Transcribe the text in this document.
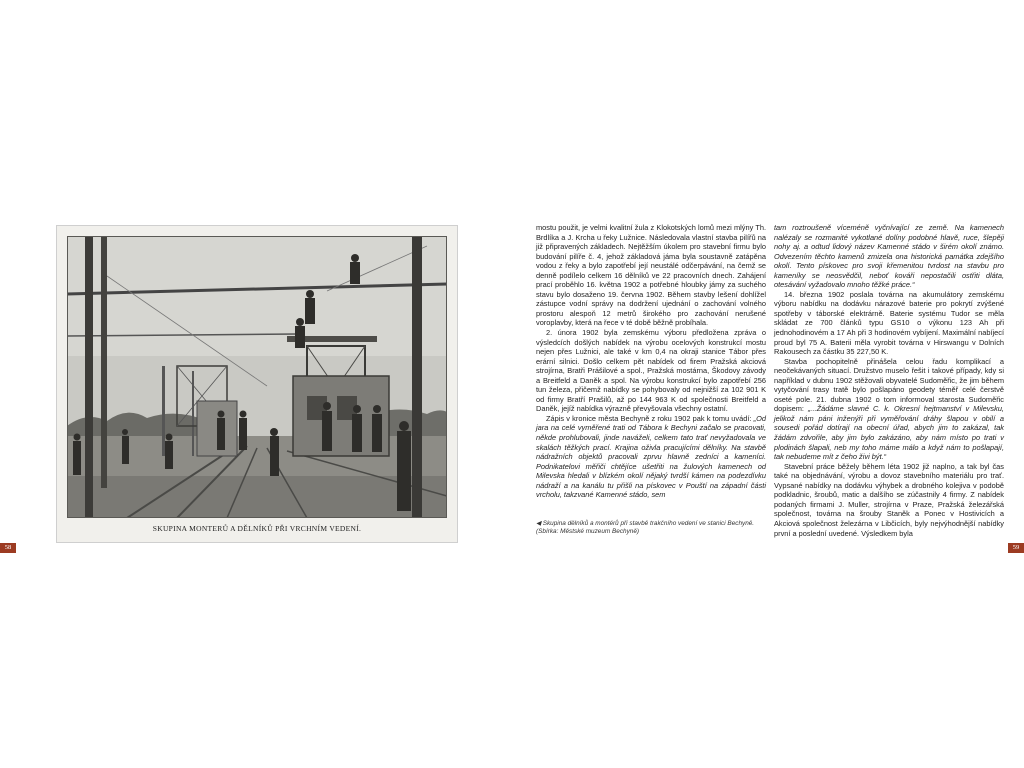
SKUPINA MONTERŮ A DĚLNÍKŮ PŘI VRCHNÍM VEDENÍ.
58	59

mostu použit, je velmi kvalitní žula z Klokotských lomů mezi mlýny Th. Brdlíka a J. Krcha u řeky Lužnice. Následovala vlastní stavba pilířů na již připravených základech. Nejtěžším úkolem pro stavební firmu bylo budování pilíře č. 4, jehož základová jáma byla soustavně zatápěna vodou z řeky a bylo zapotřebí její neustálé odčerpávání, na čemž se denně podílelo celkem 16 dělníků ve 22 pracovních dnech. Zahájení prací proběhlo 16. května 1902 a potřebné hloubky jámy za suchého stavu bylo dosaženo 19. června 1902. Během stavby lešení dohlížel zástupce vodní správy na dodržení ujednání o zachování volného prostoru alespoň 12 metrů širokého pro zachování nerušené voroplavby, která na řece v té době běžně probíhala.

2. února 1902 byla zemskému výboru předložena zpráva o výsledcích došlých nabídek na výrobu ocelových konstrukcí mostu nejen přes Lužnici, ale také v km 0,4 na okraji stanice Tábor přes erární silnici. Došlo celkem pět nabídek od firem Pražská akciová strojírna, Bratři Prášilové a spol., Pražská mostárna, Škodovy závody a Breitfeld a Daněk a spol. Na výrobu konstrukcí bylo zapotřebí 256 tun železa, přičemž nabídky se pohybovaly od nejnižší za 102 901 K od firmy Bratří Prašilů, až po 144 963 K od společnosti Breitfeld a Daněk, jejíž nabídka výrazně převyšovala všechny ostatní.

Zápis v kronice města Bechyně z roku 1902 pak k tomu uvádí: „Od jara na celé vyměřené trati od Tábora k Bechyni začalo se pracovati, někde prohlubovali, jinde naváželi, celkem tato trať nevyžadovala ve skalách těžkých prací. Krajina oživla pracujícími dělníky. Na stavbě nádražních objektů pracovali zprvu hlavně zedníci a kameníci. Podnikatelovi měřiči chtějíce ušetřiti na žulových kamenech od Milevska hledali v blízkém okolí nějaký tvrdší kámen na podezdívku nádraží a na kanálu tu přišli na pískovec v Pouští na západní části vrcholu, takzvané Kamenné stádo, sem

◀ Skupina dělníků a montérů při stavbě trakčního vedení ve stanici Bechyně. (Sbírka: Městské muzeum Bechyně)

tam roztroušeně víceméně vyčnívající ze země. Na kamenech nalézaly se rozmanité vykotlané dolíny podobné hlavě, ruce, šlepěji nohy aj. a odtud lidový název Kamenné stádo v širém okolí známo. Odvezením těchto kamenů zmizela ona historická památka zdejšího okolí. Tento pískovec pro svoji křemenitou tvrdost na stavbu pro kameníky se neosvědčil, neboť kováři nepostačili ostřiti dláta, otesávání vyžadovalo mnoho těžké práce.“

14. března 1902 poslala továrna na akumulátory zemskému výboru nabídku na dodávku nárazové baterie pro pokrytí zvýšené spotřeby v táborské elektrárně. Baterie systému Tudor se měla skládat ze 700 článků typu GS10 o výkonu 123 Ah při jednohodinovém a 17 Ah při 3 hodinovém vybíjení. Maximální nabíjecí proud byl 75 A. Baterii měla vyrobit továrna v Hirswangu v Dolních Rakousech za částku 35 227,50 K.

Stavba pochopitelně přinášela celou řadu komplikací a neočekávaných situací. Družstvo muselo řešit i takové případy, kdy si například v dubnu 1902 stěžovali obyvatelé Sudoměřic, že jim během vytyčování trasy tratě bylo pošlapáno geodety téměř celé čerstvě oseté pole. 21. dubna 1902 o tom informoval starosta Sudoměřic dopisem: „...Žádáme slavné C. k. Okresní hejtmanství v Milevsku, jelikož nám páni inženýři při vyměřování dráhy šlapou v obilí a sousedi pořád dotírají na obecní úřad, abych jim to zakázal, tak žádám zdvořile, aby jim bylo zakázáno, aby nám místo po trati v plodinách šlapali, neb my toho máme málo a když nám to pošlapají, tak nebudeme mít z čeho živi být.“

Stavební práce běžely během léta 1902 již naplno, a tak byl čas také na objednávání, výrobu a dovoz stavebního materiálu pro trať. Vypsané nabídky na dodávku výhybek a drobného kolejiva v podobě podkladnic, šroubů, matic a dalšího se zúčastnily 4 firmy. Z nabídek podaných firmami J. Muller, strojírna v Praze, Pražská železářská společnost, továrna na šrouby Staněk a Ponec v Hostivicích a Akciová společnost železárna v Libčicích, byly nejvýhodnější nabídky první a poslední uvedené. Výsledkem byla
